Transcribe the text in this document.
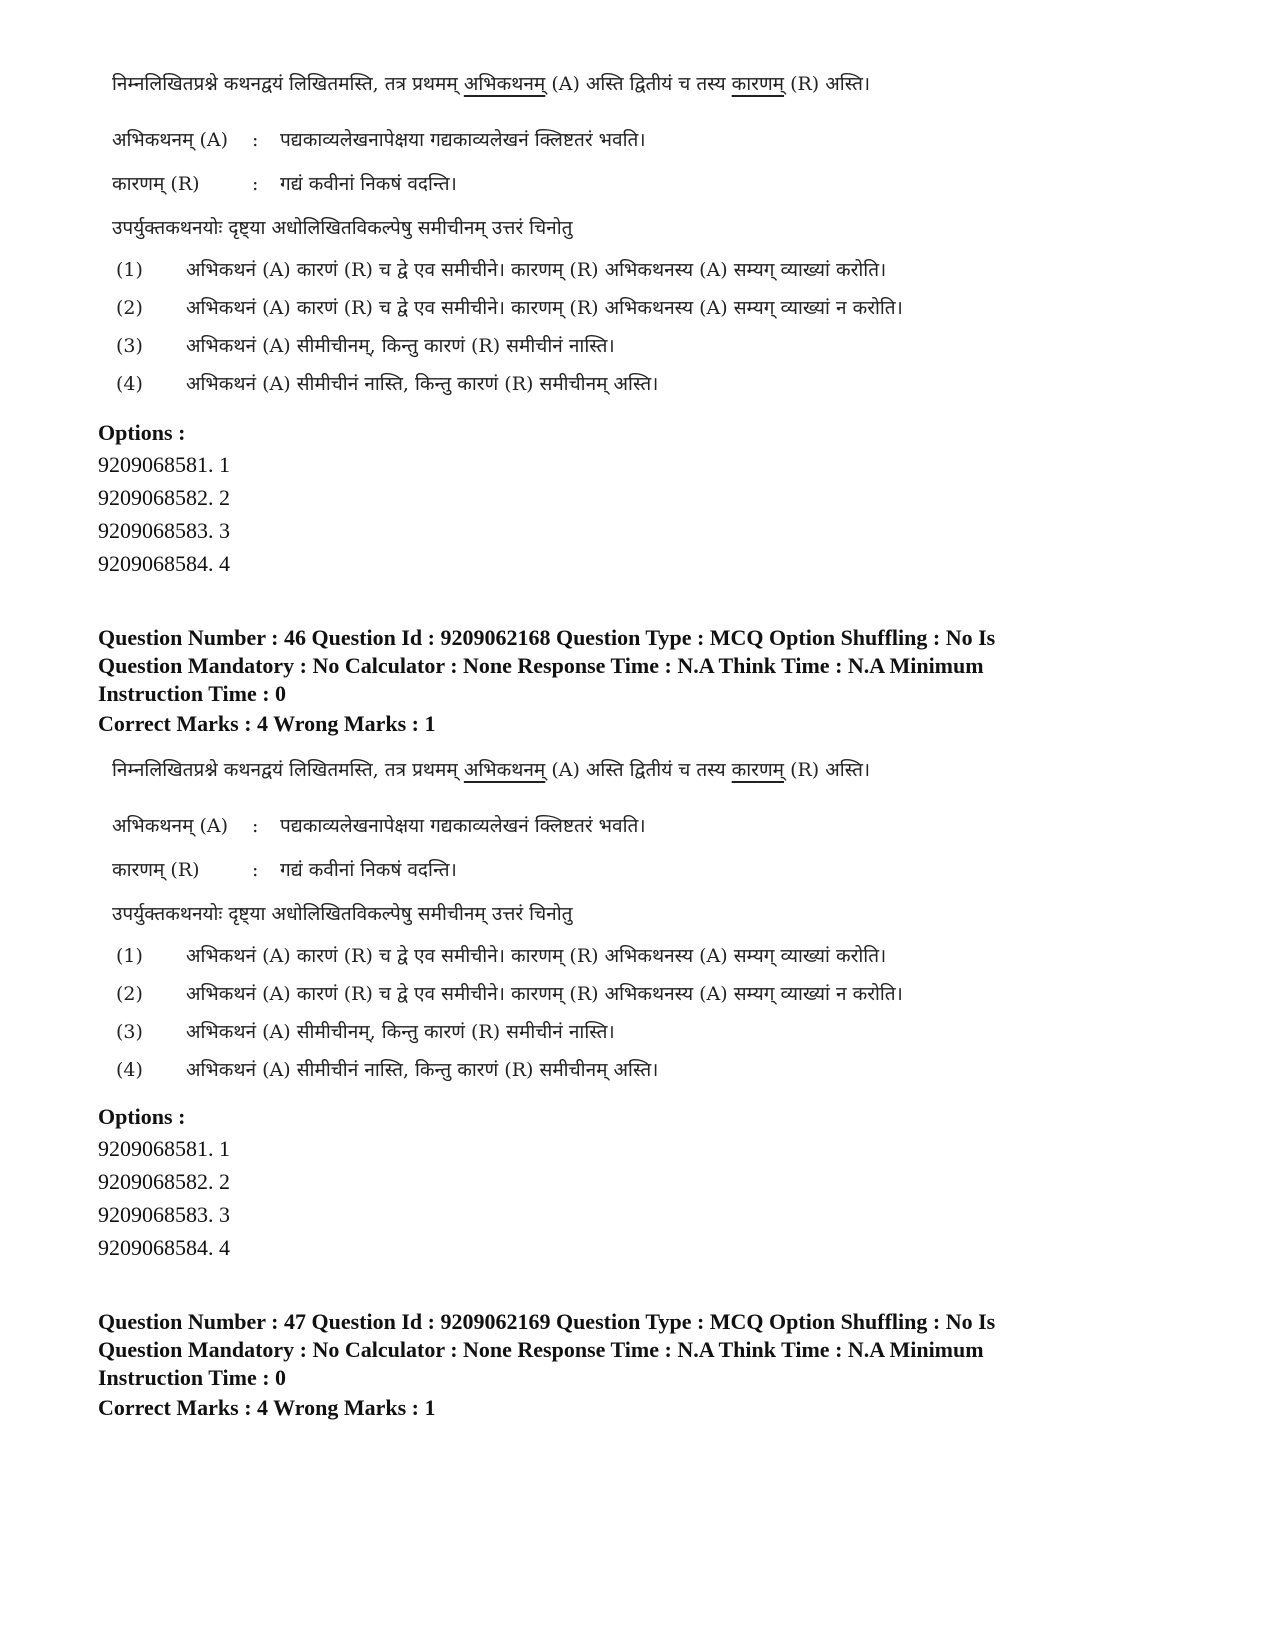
निम्नलिखितप्रश्ने कथनद्वयं लिखितमस्ति, तत्र प्रथमम् अभिकथनम् (A) अस्ति द्वितीयं च तस्य कारणम् (R) अस्ति।
अभिकथनम् (A) : पद्यकाव्यलेखनापेक्षया गद्यकाव्यलेखनं क्लिष्टतरं भवति।
कारणम् (R)	: गद्यं कवीनां निकषं वदन्ति।
उपर्युक्तकथनयोः दृष्ट्या अधोलिखितविकल्पेषु समीचीनम् उत्तरं चिनोतु
(1) अभिकथनं (A) कारणं (R) च द्वे एव समीचीने। कारणम् (R) अभिकथनस्य (A) सम्यग् व्याख्यां करोति।
(2) अभिकथनं (A) कारणं (R) च द्वे एव समीचीने। कारणम् (R) अभिकथनस्य (A) सम्यग् व्याख्यां न करोति।
(3) अभिकथनं (A) सीमीचीनम्, किन्तु कारणं (R) समीचीनं नास्ति।
(4) अभिकथनं (A) सीमीचीनं नास्ति, किन्तु कारणं (R) समीचीनम् अस्ति।
Options :
9209068581. 1
9209068582. 2
9209068583. 3
9209068584. 4
Question Number : 46 Question Id : 9209062168 Question Type : MCQ Option Shuffling : No Is
Question Mandatory : No Calculator : None Response Time : N.A Think Time : N.A Minimum
Instruction Time : 0
Correct Marks : 4 Wrong Marks : 1
निम्नलिखितप्रश्ने कथनद्वयं लिखितमस्ति, तत्र प्रथमम् अभिकथनम् (A) अस्ति द्वितीयं च तस्य कारणम् (R) अस्ति।
अभिकथनम् (A) : पद्यकाव्यलेखनापेक्षया गद्यकाव्यलेखनं क्लिष्टतरं भवति।
कारणम् (R)	: गद्यं कवीनां निकषं वदन्ति।
उपर्युक्तकथनयोः दृष्ट्या अधोलिखितविकल्पेषु समीचीनम् उत्तरं चिनोतु
(1) अभिकथनं (A) कारणं (R) च द्वे एव समीचीने। कारणम् (R) अभिकथनस्य (A) सम्यग् व्याख्यां करोति।
(2) अभिकथनं (A) कारणं (R) च द्वे एव समीचीने। कारणम् (R) अभिकथनस्य (A) सम्यग् व्याख्यां न करोति।
(3) अभिकथनं (A) सीमीचीनम्, किन्तु कारणं (R) समीचीनं नास्ति।
(4) अभिकथनं (A) सीमीचीनं नास्ति, किन्तु कारणं (R) समीचीनम् अस्ति।
Options :
9209068581. 1
9209068582. 2
9209068583. 3
9209068584. 4
Question Number : 47 Question Id : 9209062169 Question Type : MCQ Option Shuffling : No Is
Question Mandatory : No Calculator : None Response Time : N.A Think Time : N.A Minimum
Instruction Time : 0
Correct Marks : 4 Wrong Marks : 1
